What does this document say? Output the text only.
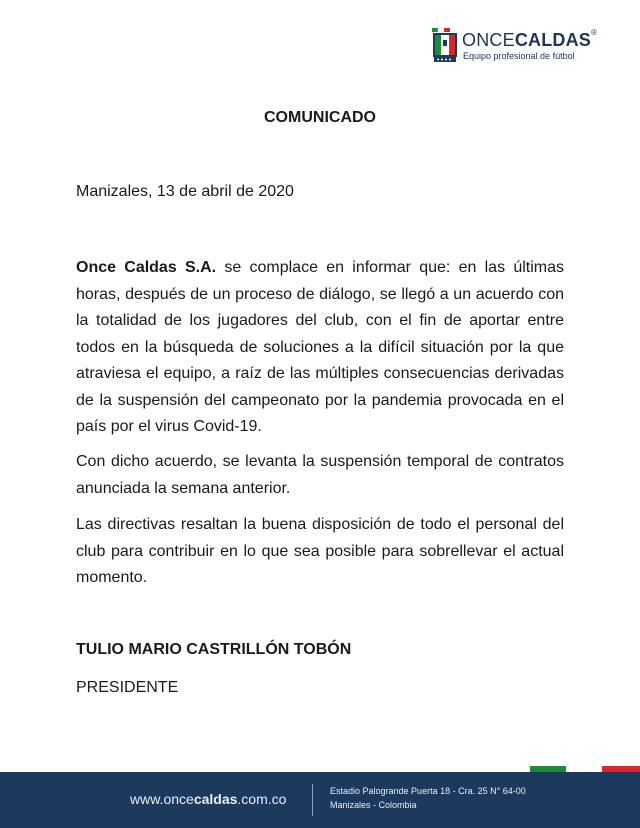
ONCECALDAS®
Equipo profesional de fútbol
COMUNICADO
Manizales, 13 de abril de 2020

Once Caldas S.A. se complace en informar que: en las últimas horas, después de un proceso de diálogo, se llegó a un acuerdo con la totalidad de los jugadores del club, con el fin de aportar entre todos en la búsqueda de soluciones a la difícil situación por la que atraviesa el equipo, a raíz de las múltiples consecuencias derivadas de la suspensión del campeonato por la pandemia provocada en el país por el virus Covid-19.

Con dicho acuerdo, se levanta la suspensión temporal de contratos anunciada la semana anterior.

Las directivas resaltan la buena disposición de todo el personal del club para contribuir en lo que sea posible para sobrellevar el actual momento.

TULIO MARIO CASTRILLÓN TOBÓN
PRESIDENTE
www.oncecaldas.com.co	Estadio Palogrande Puerta 18 - Cra. 25 N° 64-00
Manizales - Colombia
